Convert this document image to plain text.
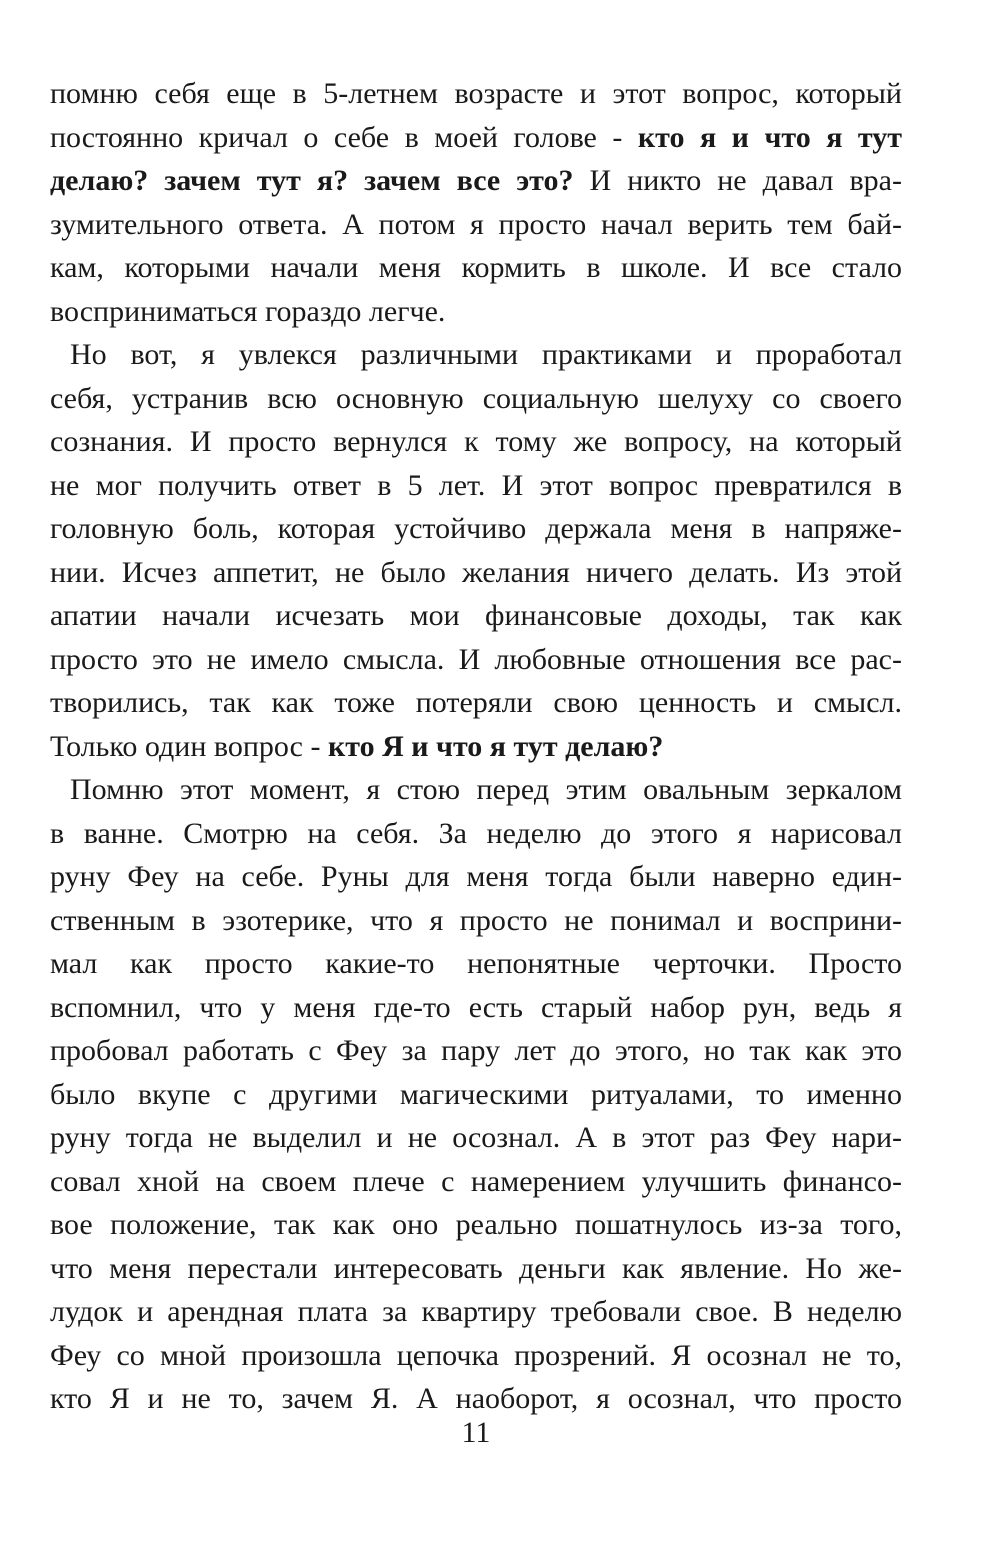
помню себя еще в 5-летнем возрасте и этот вопрос, который
постоянно кричал о себе в моей голове - кто я и что я тут
делаю? зачем тут я? зачем все это? И никто не давал вра-
зумительного ответа. А потом я просто начал верить тем бай-
кам, которыми начали меня кормить в школе. И все стало
восприниматься гораздо легче.
Но вот, я увлекся различными практиками и проработал
себя, устранив всю основную социальную шелуху со своего
сознания. И просто вернулся к тому же вопросу, на который
не мог получить ответ в 5 лет. И этот вопрос превратился в
головную боль, которая устойчиво держала меня в напряже-
нии. Исчез аппетит, не было желания ничего делать. Из этой
апатии начали исчезать мои финансовые доходы, так как
просто это не имело смысла. И любовные отношения все рас-
творились, так как тоже потеряли свою ценность и смысл.
Только один вопрос - кто Я и что я тут делаю?
Помню этот момент, я стою перед этим овальным зеркалом
в ванне. Смотрю на себя. За неделю до этого я нарисовал
руну Феу на себе. Руны для меня тогда были наверно един-
ственным в эзотерике, что я просто не понимал и восприни-
мал как просто какие-то непонятные черточки. Просто
вспомнил, что у меня где-то есть старый набор рун, ведь я
пробовал работать с Феу за пару лет до этого, но так как это
было вкупе с другими магическими ритуалами, то именно
руну тогда не выделил и не осознал. А в этот раз Феу нари-
совал хной на своем плече с намерением улучшить финансо-
вое положение, так как оно реально пошатнулось из-за того,
что меня перестали интересовать деньги как явление. Но же-
лудок и арендная плата за квартиру требовали свое. В неделю
Феу со мной произошла цепочка прозрений. Я осознал не то,
кто Я и не то, зачем Я. А наоборот, я осознал, что просто
11
